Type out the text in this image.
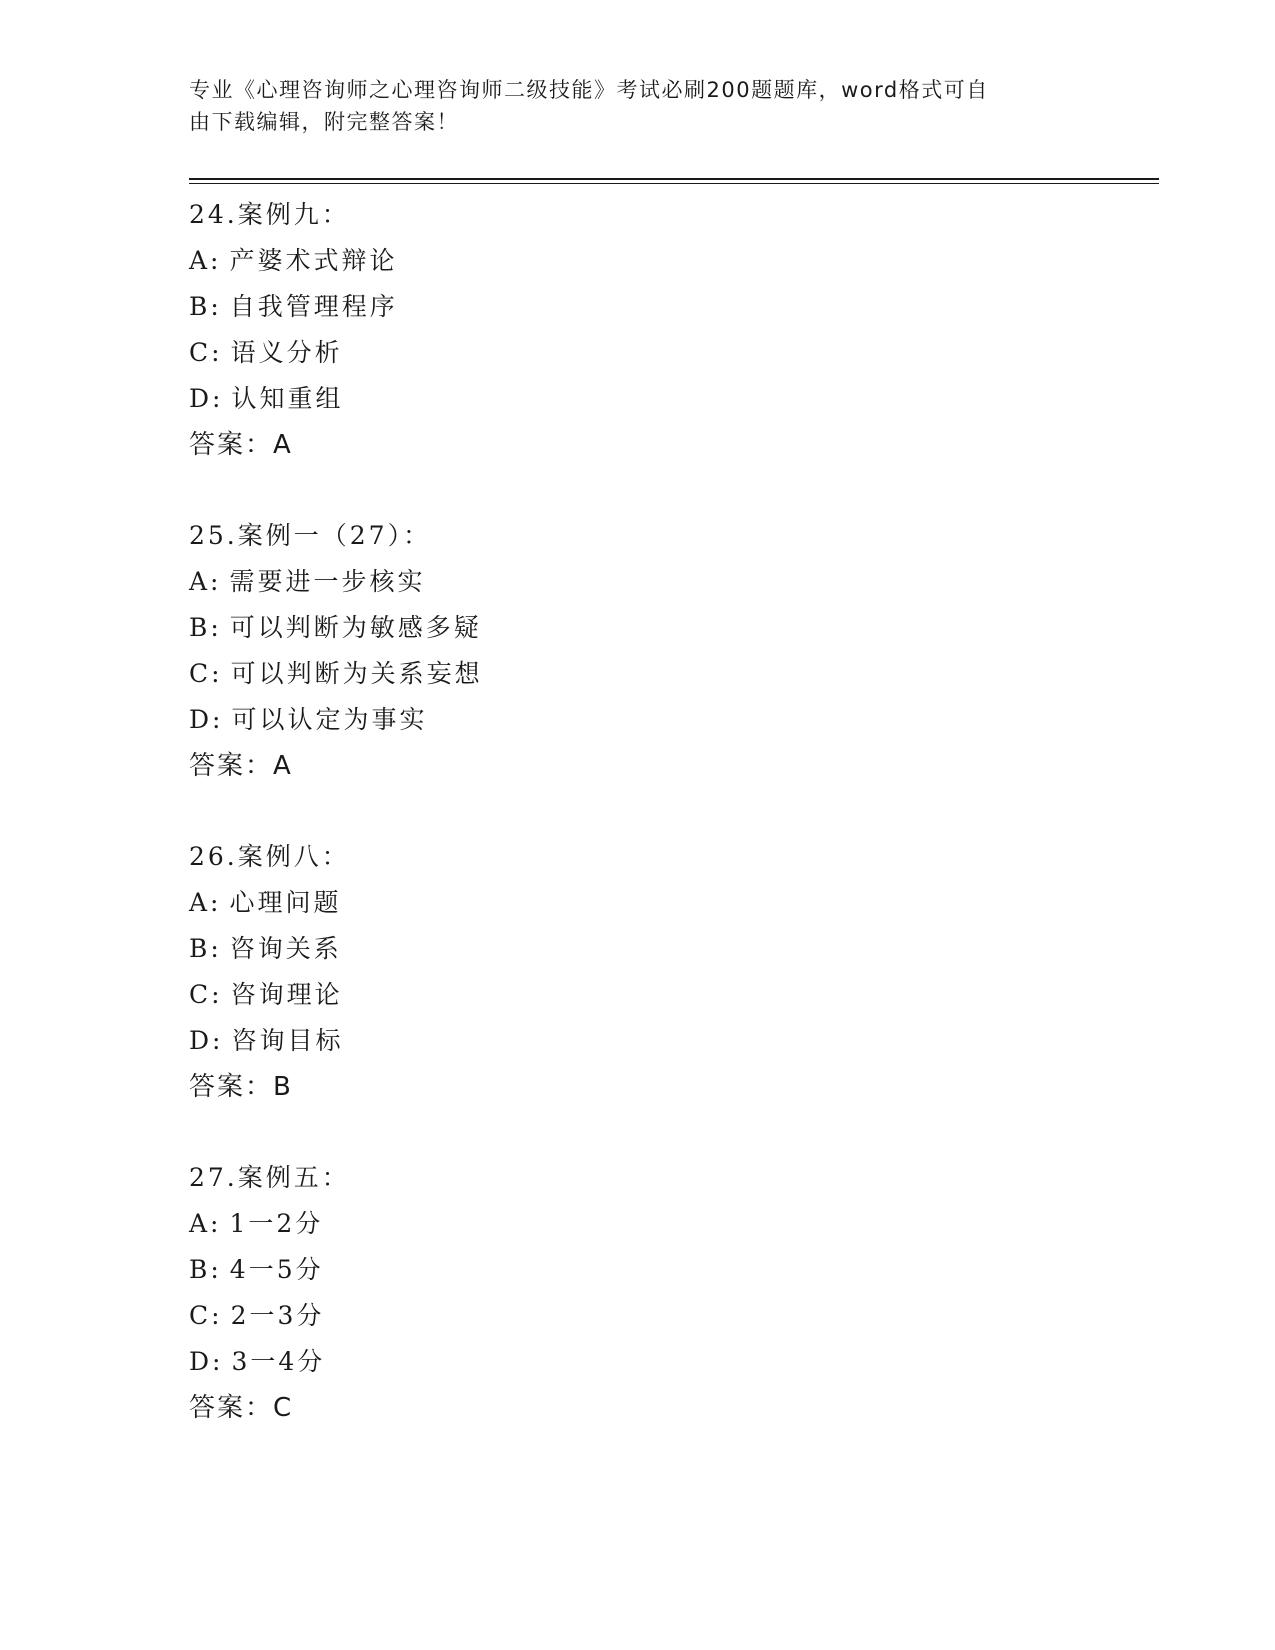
专业《心理咨询师之心理咨询师二级技能》考试必刷200题题库，word格式可自
由下载编辑，附完整答案！
24.案例九：
A: 产婆术式辩论
B: 自我管理程序
C: 语义分析
D: 认知重组
答案：A
25.案例一（27）：
A: 需要进一步核实
B: 可以判断为敏感多疑
C: 可以判断为关系妄想
D: 可以认定为事实
答案：A
26.案例八：
A: 心理问题
B: 咨询关系
C: 咨询理论
D: 咨询目标
答案：B
27.案例五：
A: 1一2分
B: 4一5分
C: 2一3分
D: 3一4分
答案：C
